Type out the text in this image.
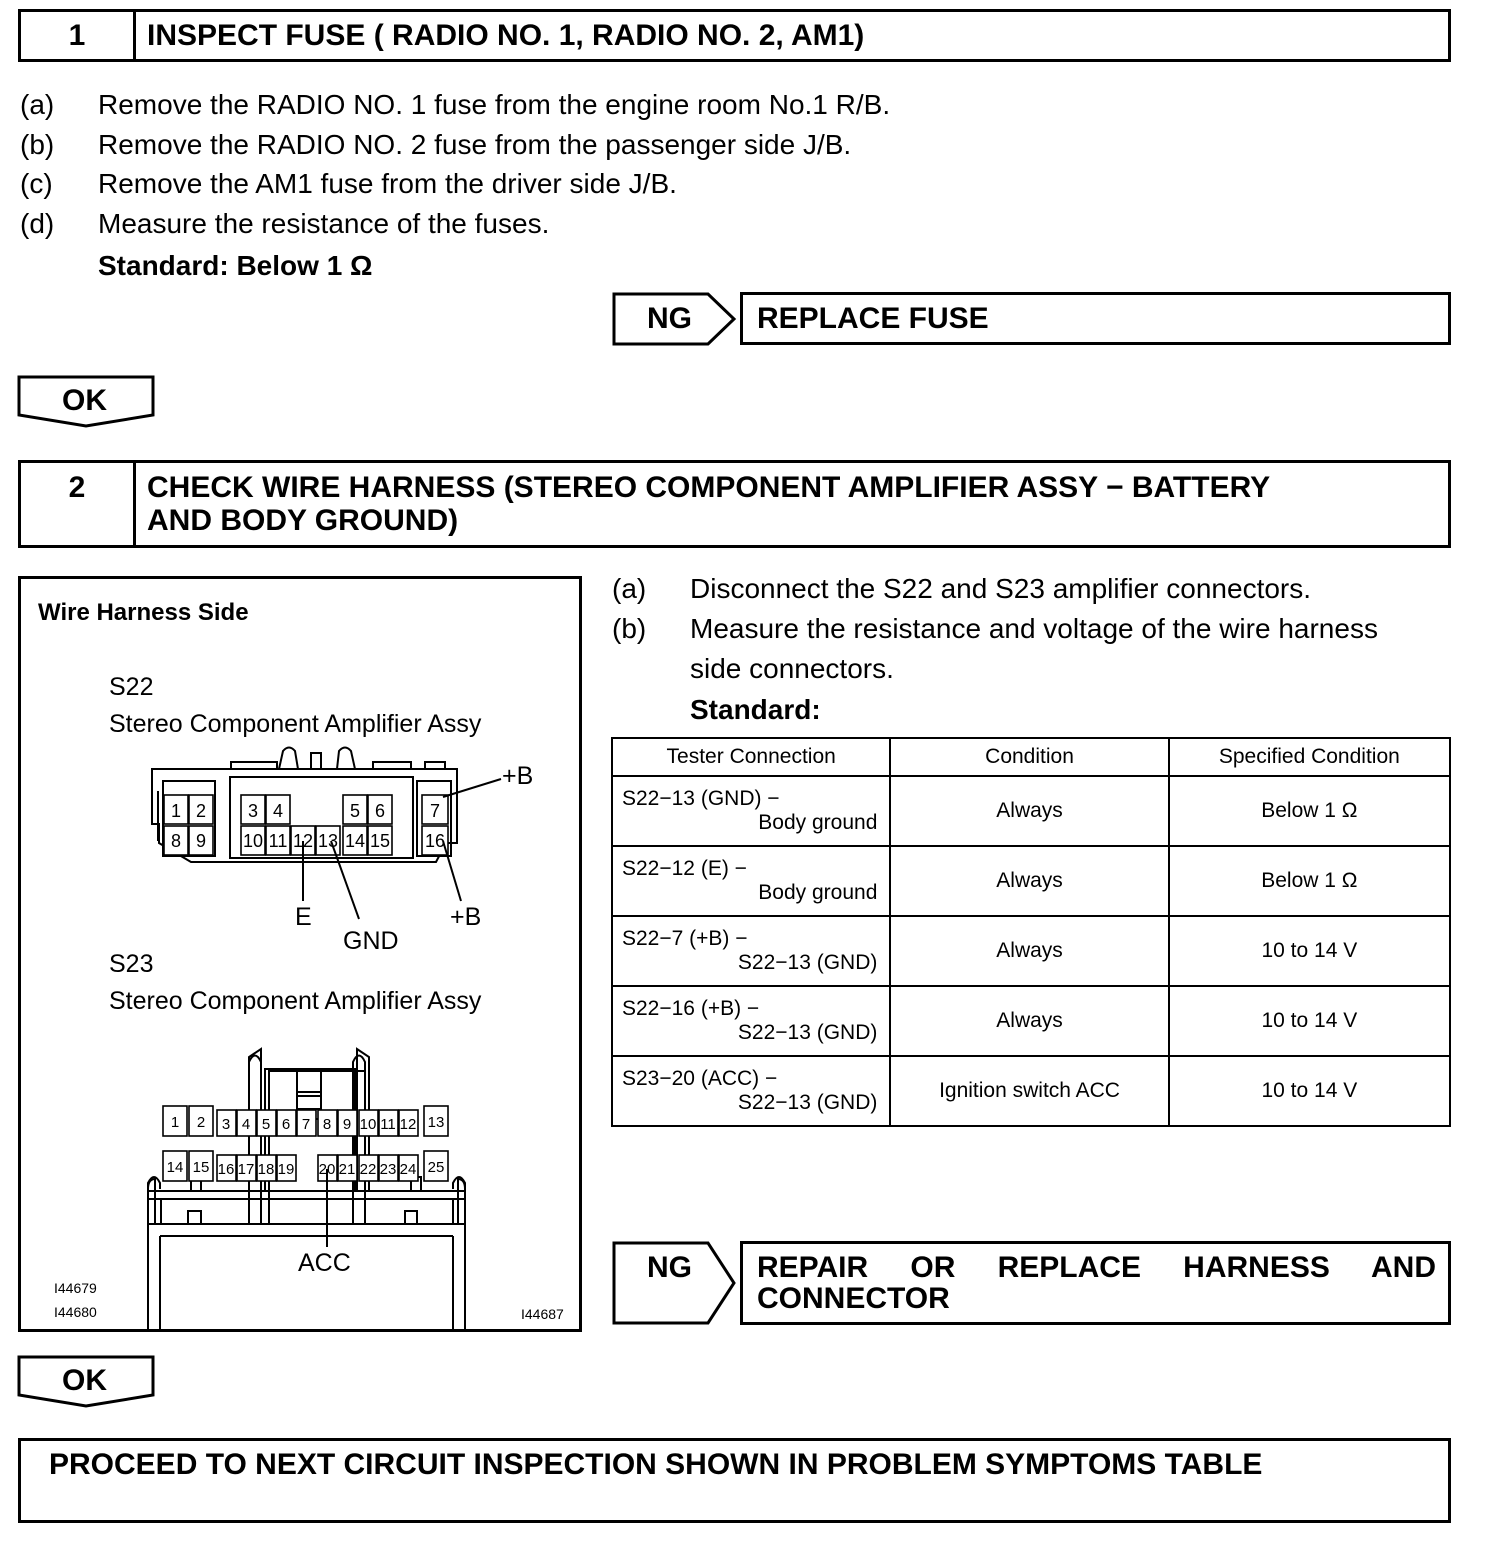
1	INSPECT FUSE ( RADIO NO. 1, RADIO NO. 2, AM1)
(a) Remove the RADIO NO. 1 fuse from the engine room No.1 R/B.
(b) Remove the RADIO NO. 2 fuse from the passenger side J/B.
(c) Remove the AM1 fuse from the driver side J/B.
(d) Measure the resistance of the fuses.
Standard: Below 1 Ω
NG REPLACE FUSE
OK
2	CHECK WIRE HARNESS (STEREO COMPONENT AMPLIFIER ASSY − BATTERY
AND BODY GROUND)
Wire Harness Side
S22
Stereo Component Amplifier Assy
S23
Stereo Component Amplifier Assy
1 2 3 4	5 6 7
8 9 10 11 12 13 14 15 16
+B
E
GND
+B
1 2 3 4 5 6 7 8 9 10 11 12 13
14 15 16 17 18 19 20 21 22 23 24 25
ACC
I44679
I44680	I44687
(a) Disconnect the S22 and S23 amplifier connectors.
(b) Measure the resistance and voltage of the wire harness
side connectors.
Standard:
Tester Connection	Condition	Specified Condition

S22−13 (GND) −
Body ground	Always	Below 1 Ω

S22−12 (E) −
Body ground	Always	Below 1 Ω

S22−7 (+B) −
S22−13 (GND)	Always	10 to 14 V

S22−16 (+B) −
S22−13 (GND)	Always	10 to 14 V

S23−20 (ACC) −
S22−13 (GND)	Ignition switch ACC	10 to 14 V
NG REPAIR OR REPLACE HARNESS AND
CONNECTOR
OK
PROCEED TO NEXT CIRCUIT INSPECTION SHOWN IN PROBLEM SYMPTOMS TABLE
